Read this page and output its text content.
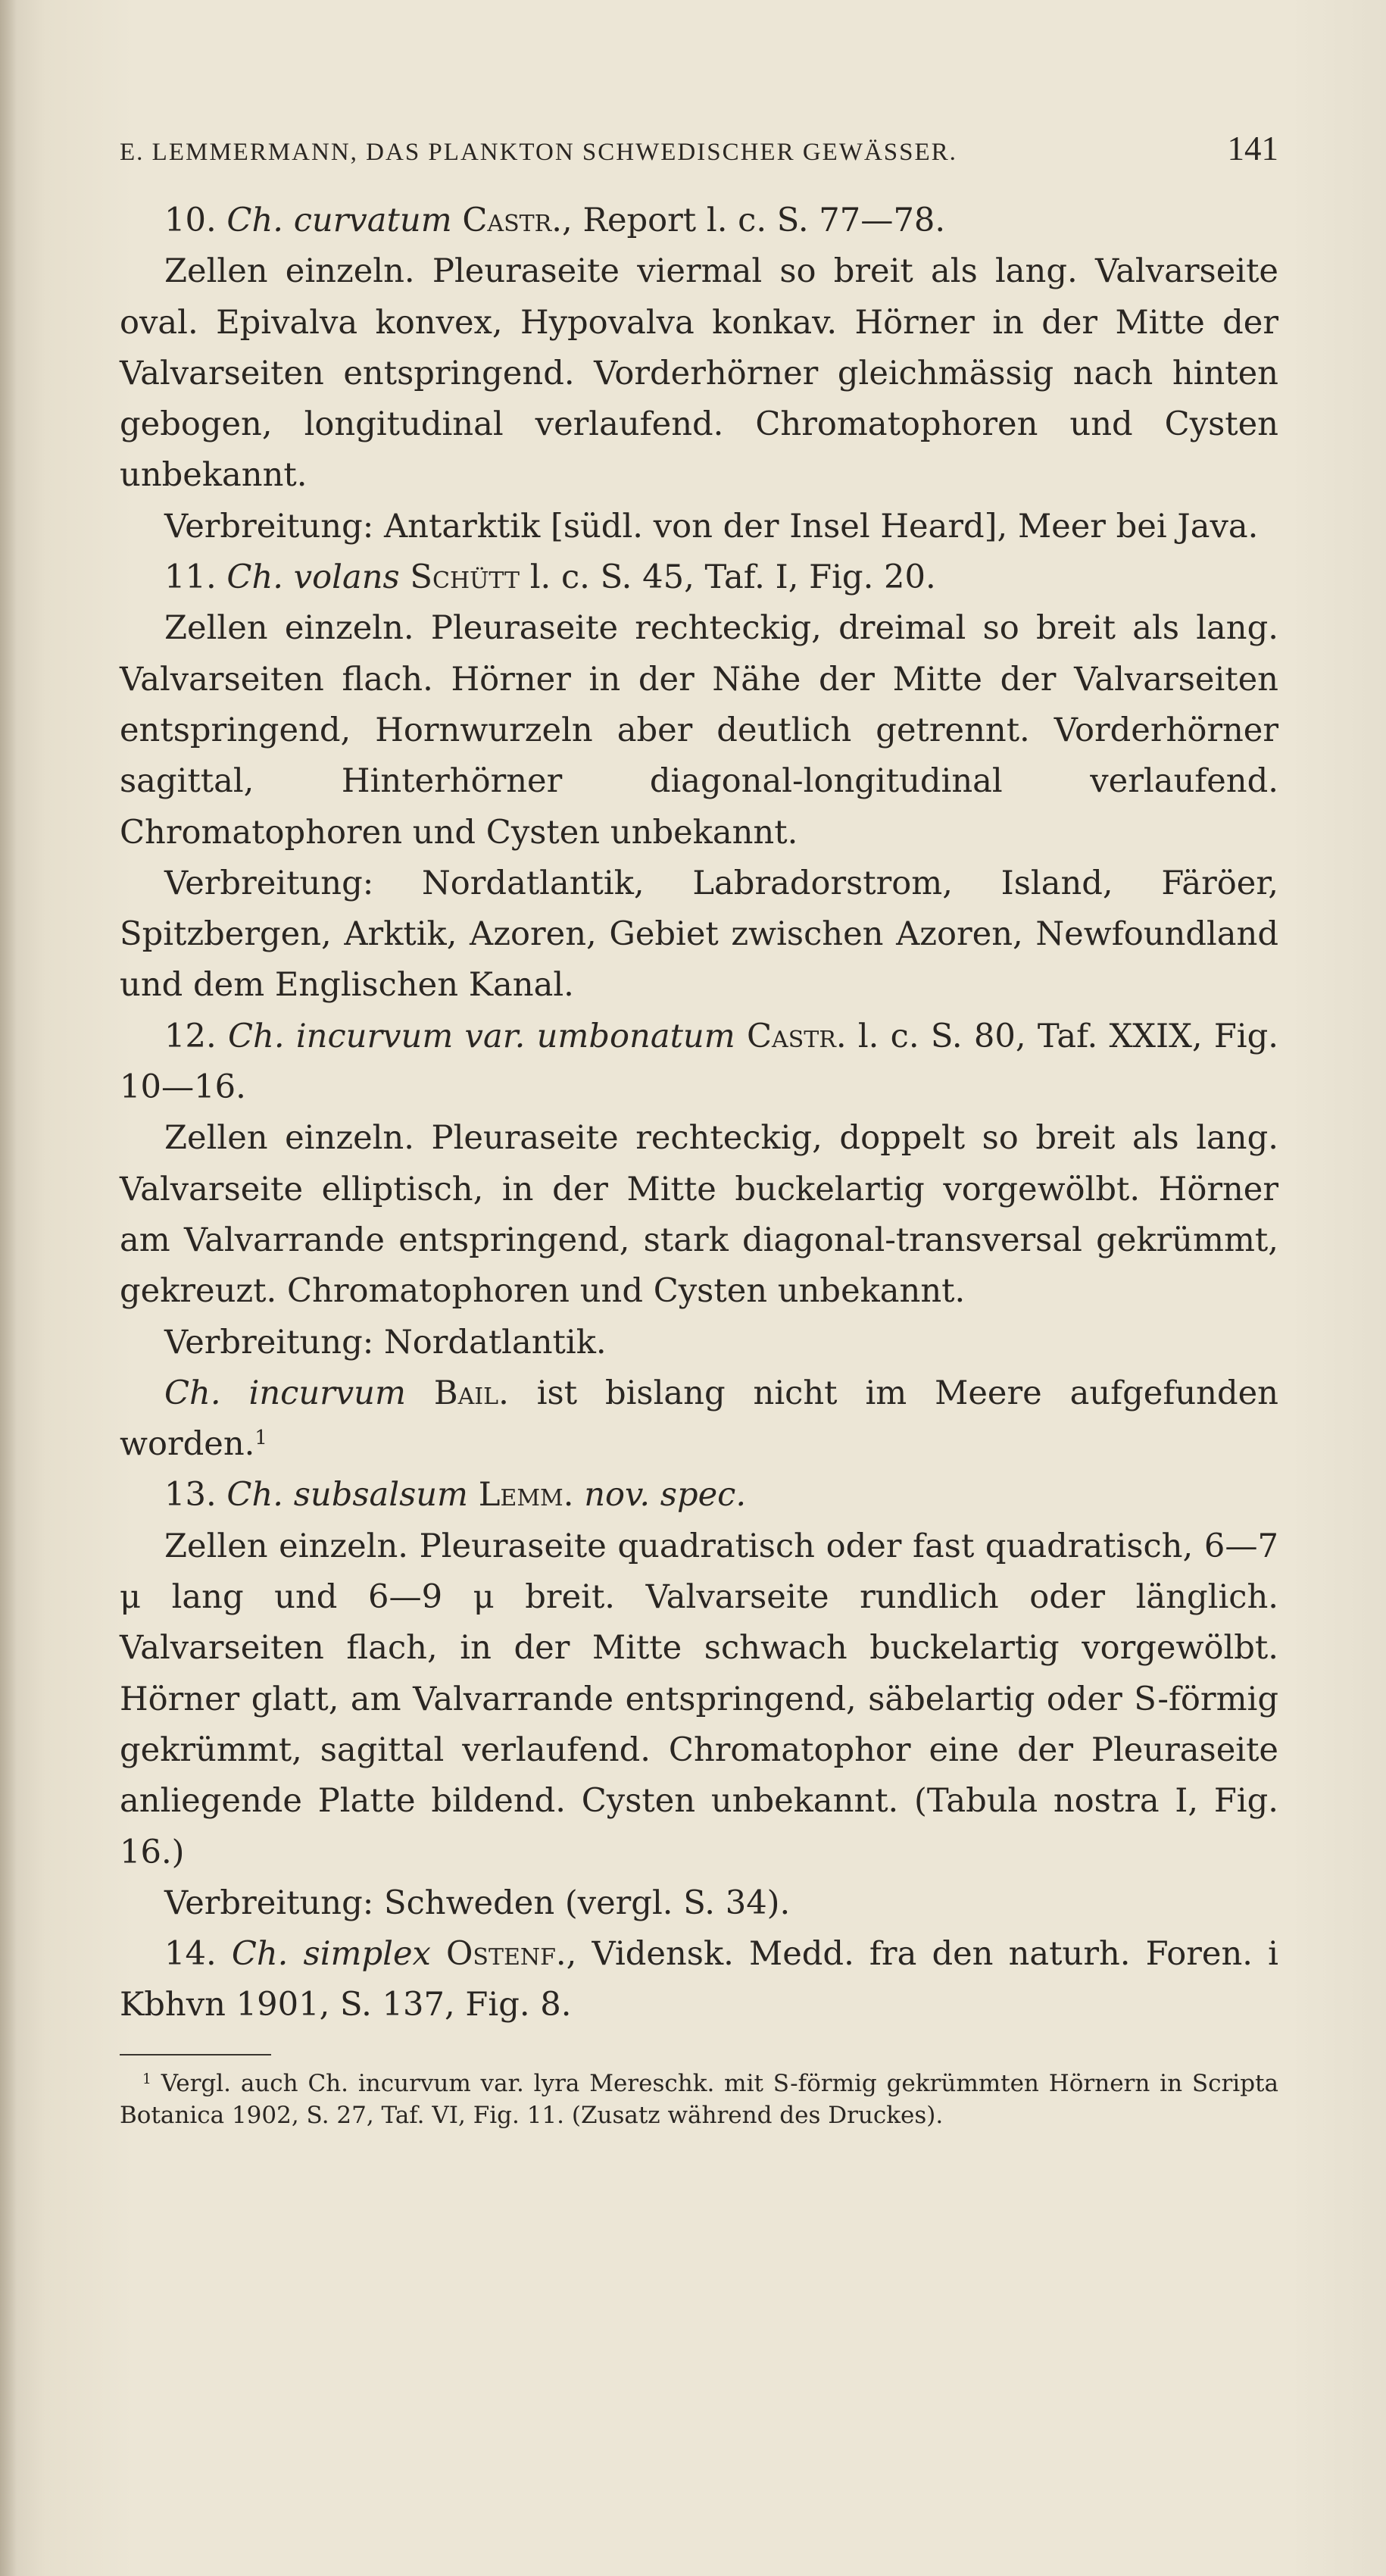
E. LEMMERMANN, DAS PLANKTON SCHWEDISCHER GEWÄSSER.	141

10. Ch. curvatum Castr., Report l. c. S. 77—78.

Zellen einzeln. Pleuraseite viermal so breit als lang. Valvarseite oval. Epivalva konvex, Hypovalva konkav. Hörner in der Mitte der Valvarseiten entspringend. Vorderhörner gleichmässig nach hinten gebogen, longitudinal verlaufend. Chromatophoren und Cysten unbekannt.

Verbreitung: Antarktik [südl. von der Insel Heard], Meer bei Java.

11. Ch. volans Schütt l. c. S. 45, Taf. I, Fig. 20.

Zellen einzeln. Pleuraseite rechteckig, dreimal so breit als lang. Valvarseiten flach. Hörner in der Nähe der Mitte der Valvarseiten entspringend, Hornwurzeln aber deutlich getrennt. Vorderhörner sagittal, Hinterhörner diagonal-longitudinal verlaufend. Chromatophoren und Cysten unbekannt.

Verbreitung: Nordatlantik, Labradorstrom, Island, Färöer, Spitzbergen, Arktik, Azoren, Gebiet zwischen Azoren, Newfoundland und dem Englischen Kanal.

12. Ch. incurvum var. umbonatum Castr. l. c. S. 80, Taf. XXIX, Fig. 10—16.

Zellen einzeln. Pleuraseite rechteckig, doppelt so breit als lang. Valvarseite elliptisch, in der Mitte buckelartig vorgewölbt. Hörner am Valvarrande entspringend, stark diagonal-transversal gekrümmt, gekreuzt. Chromatophoren und Cysten unbekannt.

Verbreitung: Nordatlantik.

Ch. incurvum Bail. ist bislang nicht im Meere aufgefunden worden.$^1$

13. Ch. subsalsum Lemm. nov. spec.

Zellen einzeln. Pleuraseite quadratisch oder fast quadratisch, 6—7 μ lang und 6—9 μ breit. Valvarseite rundlich oder länglich. Valvarseiten flach, in der Mitte schwach buckelartig vorgewölbt. Hörner glatt, am Valvarrande entspringend, säbelartig oder S-förmig gekrümmt, sagittal verlaufend. Chromatophor eine der Pleuraseite anliegende Platte bildend. Cysten unbekannt. (Tabula nostra I, Fig. 16.)

Verbreitung: Schweden (vergl. S. 34).

14. Ch. simplex Ostenf., Vidensk. Medd. fra den naturh. Foren. i Kbhvn 1901, S. 137, Fig. 8.

$^1$ Vergl. auch Ch. incurvum var. lyra Mereschk. mit S-förmig gekrümmten Hörnern in Scripta Botanica 1902, S. 27, Taf. VI, Fig. 11. (Zusatz während des Druckes).
